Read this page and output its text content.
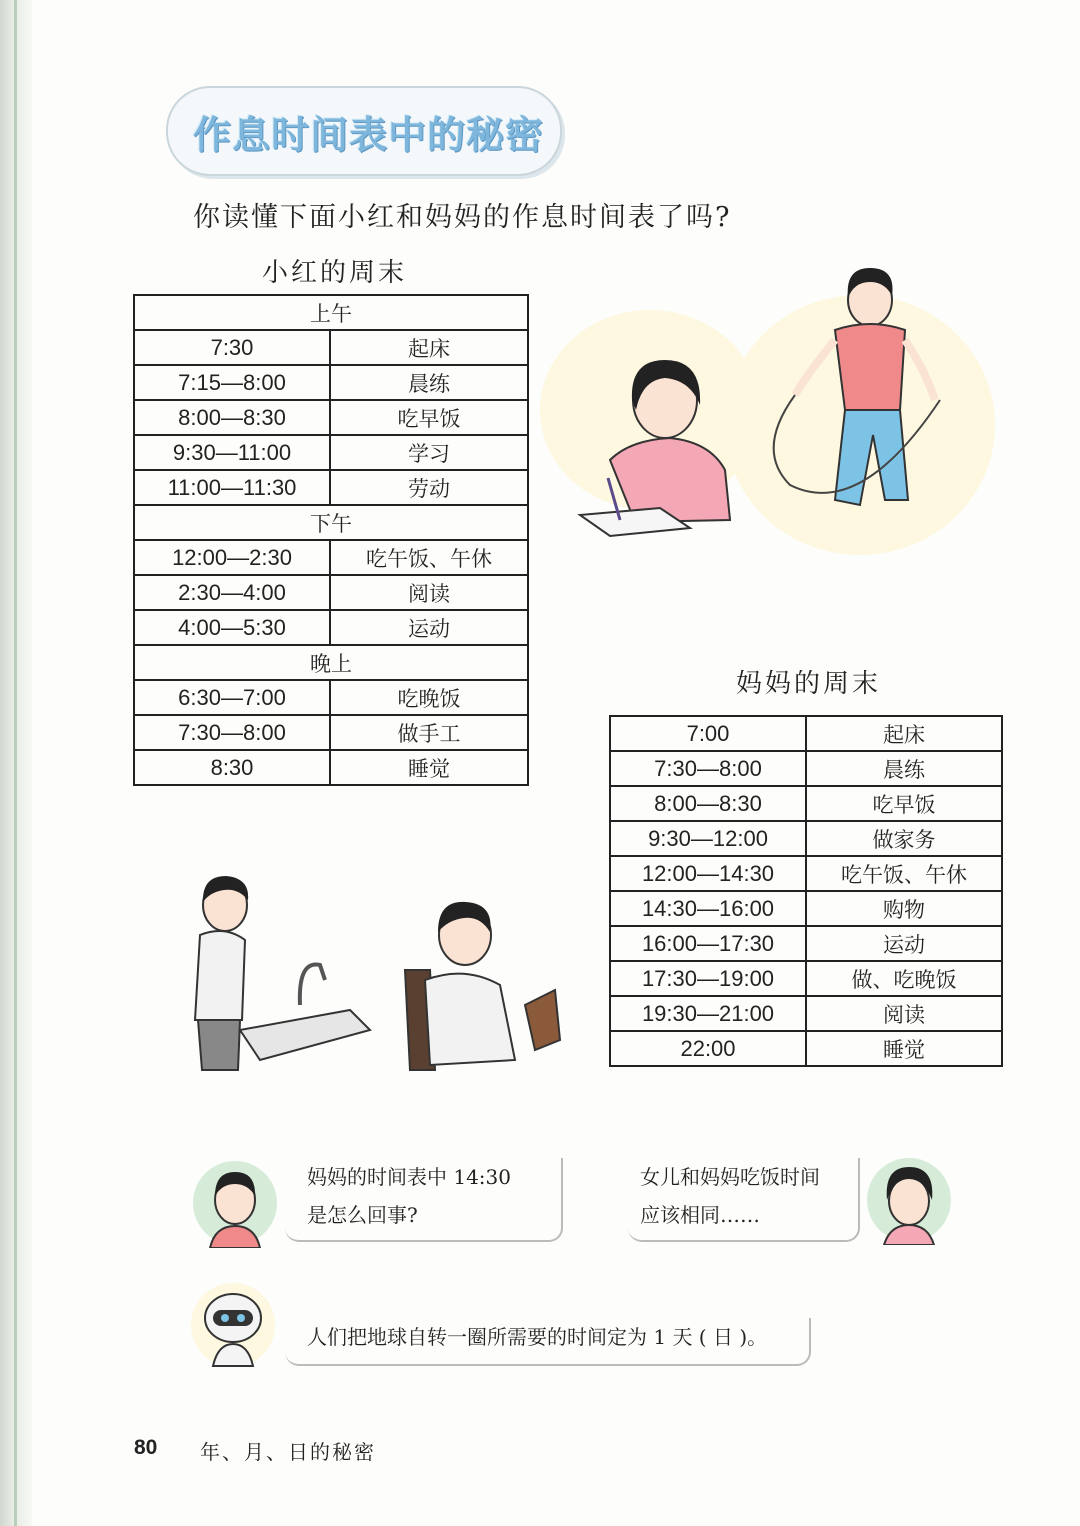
作息时间表中的秘密
你读懂下面小红和妈妈的作息时间表了吗?
小红的周末
上午	
7:30	起床
7:15—8:00	晨练
8:00—8:30	吃早饭
9:30—11:00	学习
11:00—11:30	劳动
下午	
12:00—2:30	吃午饭、午休
2:30—4:00	阅读
4:00—5:30	运动
晚上	
6:30—7:00	吃晚饭
7:30—8:00	做手工
8:30	睡觉
妈妈的周末
7:00	起床
7:30—8:00	晨练
8:00—8:30	吃早饭
9:30—12:00	做家务
12:00—14:30	吃午饭、午休
14:30—16:00	购物
16:00—17:30	运动
17:30—19:00	做、吃晚饭
19:30—21:00	阅读
22:00	睡觉
妈妈的时间表中 14:30
是怎么回事?
女儿和妈妈吃饭时间
应该相同……
人们把地球自转一圈所需要的时间定为 1 天 ( 日 )。
80 年、月、日的秘密
